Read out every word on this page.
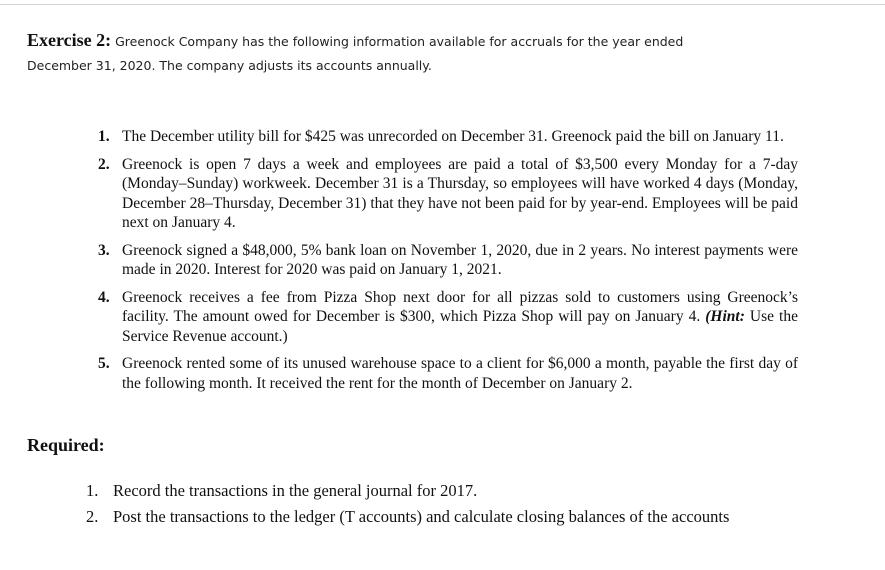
Exercise 2: Greenock Company has the following information available for accruals for the year ended
December 31, 2020. The company adjusts its accounts annually.
1. The December utility bill for $425 was unrecorded on December 31. Greenock paid the bill on January 11.
2. Greenock is open 7 days a week and employees are paid a total of $3,500 every Monday for a 7-day (Monday–Sunday) workweek. December 31 is a Thursday, so employees will have worked 4 days (Monday, December 28–Thursday, December 31) that they have not been paid for by year-end. Employees will be paid next on January 4.
3. Greenock signed a $48,000, 5% bank loan on November 1, 2020, due in 2 years. No interest payments were made in 2020. Interest for 2020 was paid on January 1, 2021.
4. Greenock receives a fee from Pizza Shop next door for all pizzas sold to customers using Greenock’s facility. The amount owed for December is $300, which Pizza Shop will pay on January 4. (Hint: Use the Service Revenue account.)
5. Greenock rented some of its unused warehouse space to a client for $6,000 a month, payable the first day of the following month. It received the rent for the month of December on January 2.
Required:
1. Record the transactions in the general journal for 2017.
2. Post the transactions to the ledger (T accounts) and calculate closing balances of the accounts
